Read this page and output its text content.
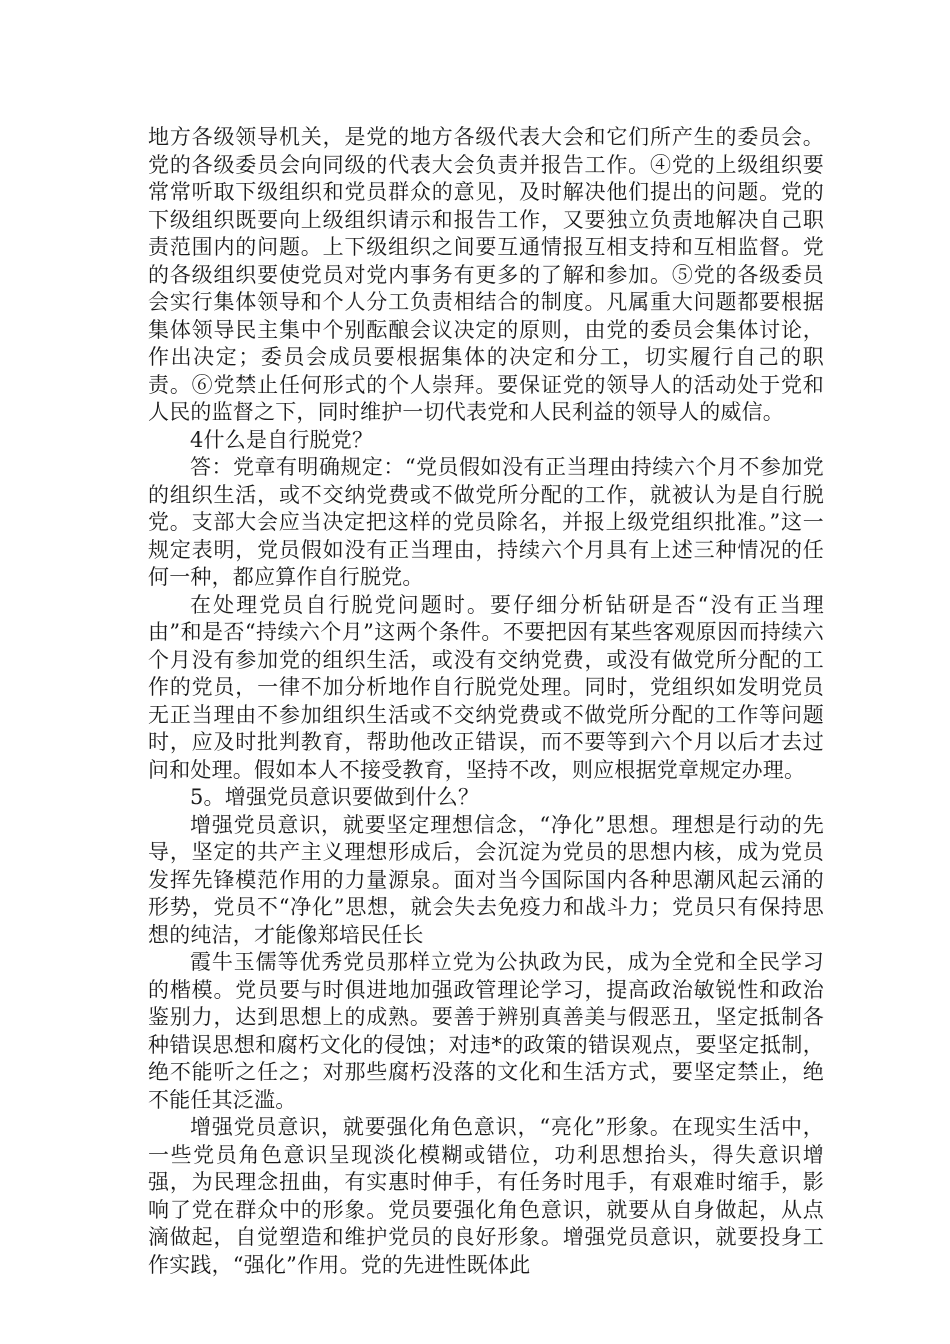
地方各级领导机关，是党的地方各级代表大会和它们所产生的委员会。党的各级委员会向同级的代表大会负责并报告工作。④党的上级组织要常常听取下级组织和党员群众的意见，及时解决他们提出的问题。党的下级组织既要向上级组织请示和报告工作，又要独立负责地解决自己职责范围内的问题。上下级组织之间要互通情报互相支持和互相监督。党的各级组织要使党员对党内事务有更多的了解和参加。⑤党的各级委员会实行集体领导和个人分工负责相结合的制度。凡属重大问题都要根据集体领导民主集中个别酝酿会议决定的原则，由党的委员会集体讨论，作出决定；委员会成员要根据集体的决定和分工，切实履行自己的职责。⑥党禁止任何形式的个人崇拜。要保证党的领导人的活动处于党和人民的监督之下，同时维护一切代表党和人民利益的领导人的威信。

4什么是自行脱党？

答：党章有明确规定：“党员假如没有正当理由持续六个月不参加党的组织生活，或不交纳党费或不做党所分配的工作，就被认为是自行脱党。支部大会应当决定把这样的党员除名，并报上级党组织批准。”这一规定表明，党员假如没有正当理由，持续六个月具有上述三种情况的任何一种，都应算作自行脱党。

在处理党员自行脱党问题时。要仔细分析钻研是否“没有正当理由”和是否“持续六个月”这两个条件。不要把因有某些客观原因而持续六个月没有参加党的组织生活，或没有交纳党费，或没有做党所分配的工作的党员，一律不加分析地作自行脱党处理。同时，党组织如发明党员无正当理由不参加组织生活或不交纳党费或不做党所分配的工作等问题时，应及时批判教育，帮助他改正错误，而不要等到六个月以后才去过问和处理。假如本人不接受教育，坚持不改，则应根据党章规定办理。

5。增强党员意识要做到什么？

增强党员意识，就要坚定理想信念，“净化”思想。理想是行动的先导，坚定的共产主义理想形成后，会沉淀为党员的思想内核，成为党员发挥先锋模范作用的力量源泉。面对当今国际国内各种思潮风起云涌的形势，党员不“净化”思想，就会失去免疫力和战斗力；党员只有保持思想的纯洁，才能像郑培民任长

霞牛玉儒等优秀党员那样立党为公执政为民，成为全党和全民学习的楷模。党员要与时俱进地加强政管理论学习，提高政治敏锐性和政治鉴别力，达到思想上的成熟。要善于辨别真善美与假恶丑，坚定抵制各种错误思想和腐朽文化的侵蚀；对违*的政策的错误观点，要坚定抵制，绝不能听之任之；对那些腐朽没落的文化和生活方式，要坚定禁止，绝不能任其泛滥。

增强党员意识，就要强化角色意识，“亮化”形象。在现实生活中，一些党员角色意识呈现淡化模糊或错位，功利思想抬头，得失意识增强，为民理念扭曲，有实惠时伸手，有任务时甩手，有艰难时缩手，影响了党在群众中的形象。党员要强化角色意识，就要从自身做起，从点滴做起，自觉塑造和维护党员的良好形象。增强党员意识，就要投身工作实践，“强化”作用。党的先进性既体此
